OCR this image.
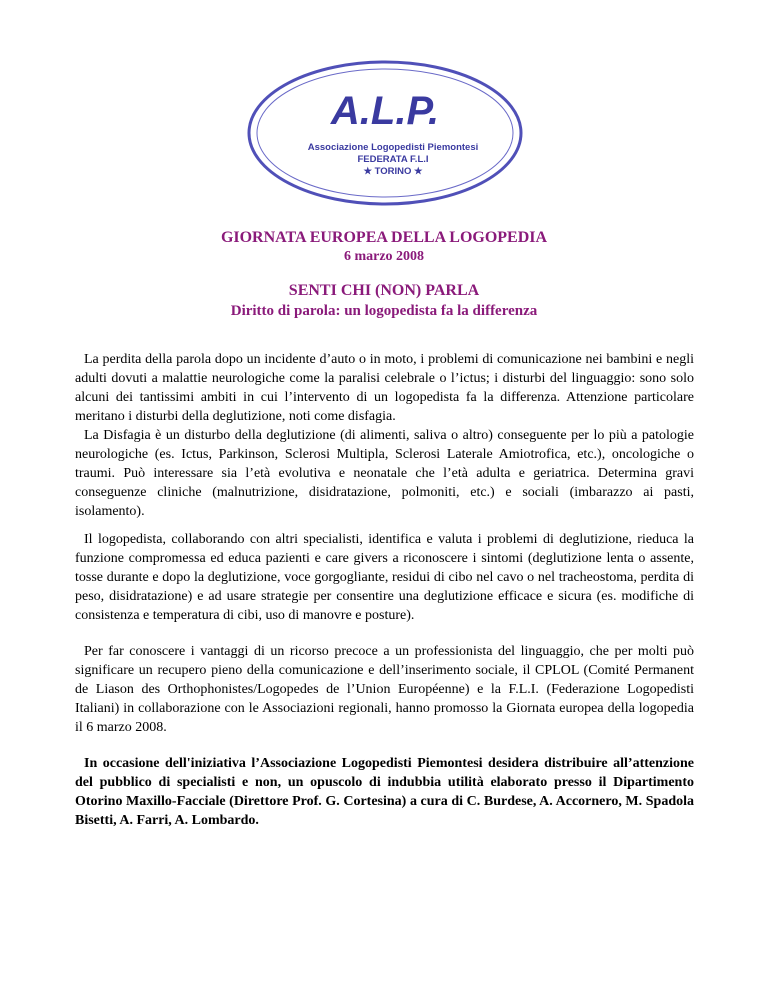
A.L.P.
Associazione Logopedisti Piemontesi
FEDERATA F.L.I
★ TORINO ★
GIORNATA EUROPEA DELLA LOGOPEDIA
6 marzo 2008
SENTI CHI (NON) PARLA
Diritto di parola: un logopedista fa la differenza

La perdita della parola dopo un incidente d’auto o in moto, i problemi di comunicazione nei bambini e negli adulti dovuti a malattie neurologiche come la paralisi celebrale o l’ictus; i disturbi del linguaggio: sono solo alcuni dei tantissimi ambiti in cui l’intervento di un logopedista fa la differenza. Attenzione particolare meritano i disturbi della deglutizione, noti come disfagia.

La Disfagia è un disturbo della deglutizione (di alimenti, saliva o altro) conseguente per lo più a patologie neurologiche (es. Ictus, Parkinson, Sclerosi Multipla, Sclerosi Laterale Amiotrofica, etc.), oncologiche o traumi. Può interessare sia l’età evolutiva e neonatale che l’età adulta e geriatrica. Determina gravi conseguenze cliniche (malnutrizione, disidratazione, polmoniti, etc.) e sociali (imbarazzo ai pasti, isolamento).

Il logopedista, collaborando con altri specialisti, identifica e valuta i problemi di deglutizione, rieduca la funzione compromessa ed educa pazienti e care givers a riconoscere i sintomi (deglutizione lenta o assente, tosse durante e dopo la deglutizione, voce gorgogliante, residui di cibo nel cavo o nel tracheostoma, perdita di peso, disidratazione) e ad usare strategie per consentire una deglutizione efficace e sicura (es. modifiche di consistenza e temperatura di cibi, uso di manovre e posture).

Per far conoscere i vantaggi di un ricorso precoce a un professionista del linguaggio, che per molti può significare un recupero pieno della comunicazione e dell’inserimento sociale, il CPLOL (Comité Permanent de Liason des Orthophonistes/Logopedes de l’Union Européenne) e la F.L.I. (Federazione Logopedisti Italiani) in collaborazione con le Associazioni regionali, hanno promosso la Giornata europea della logopedia il 6 marzo 2008.

In occasione dell'iniziativa l’Associazione Logopedisti Piemontesi desidera distribuire all’attenzione del pubblico di specialisti e non, un opuscolo di indubbia utilità elaborato presso il Dipartimento Otorino Maxillo-Facciale (Direttore Prof. G. Cortesina) a cura di C. Burdese, A. Accornero, M. Spadola Bisetti, A. Farri, A. Lombardo.
